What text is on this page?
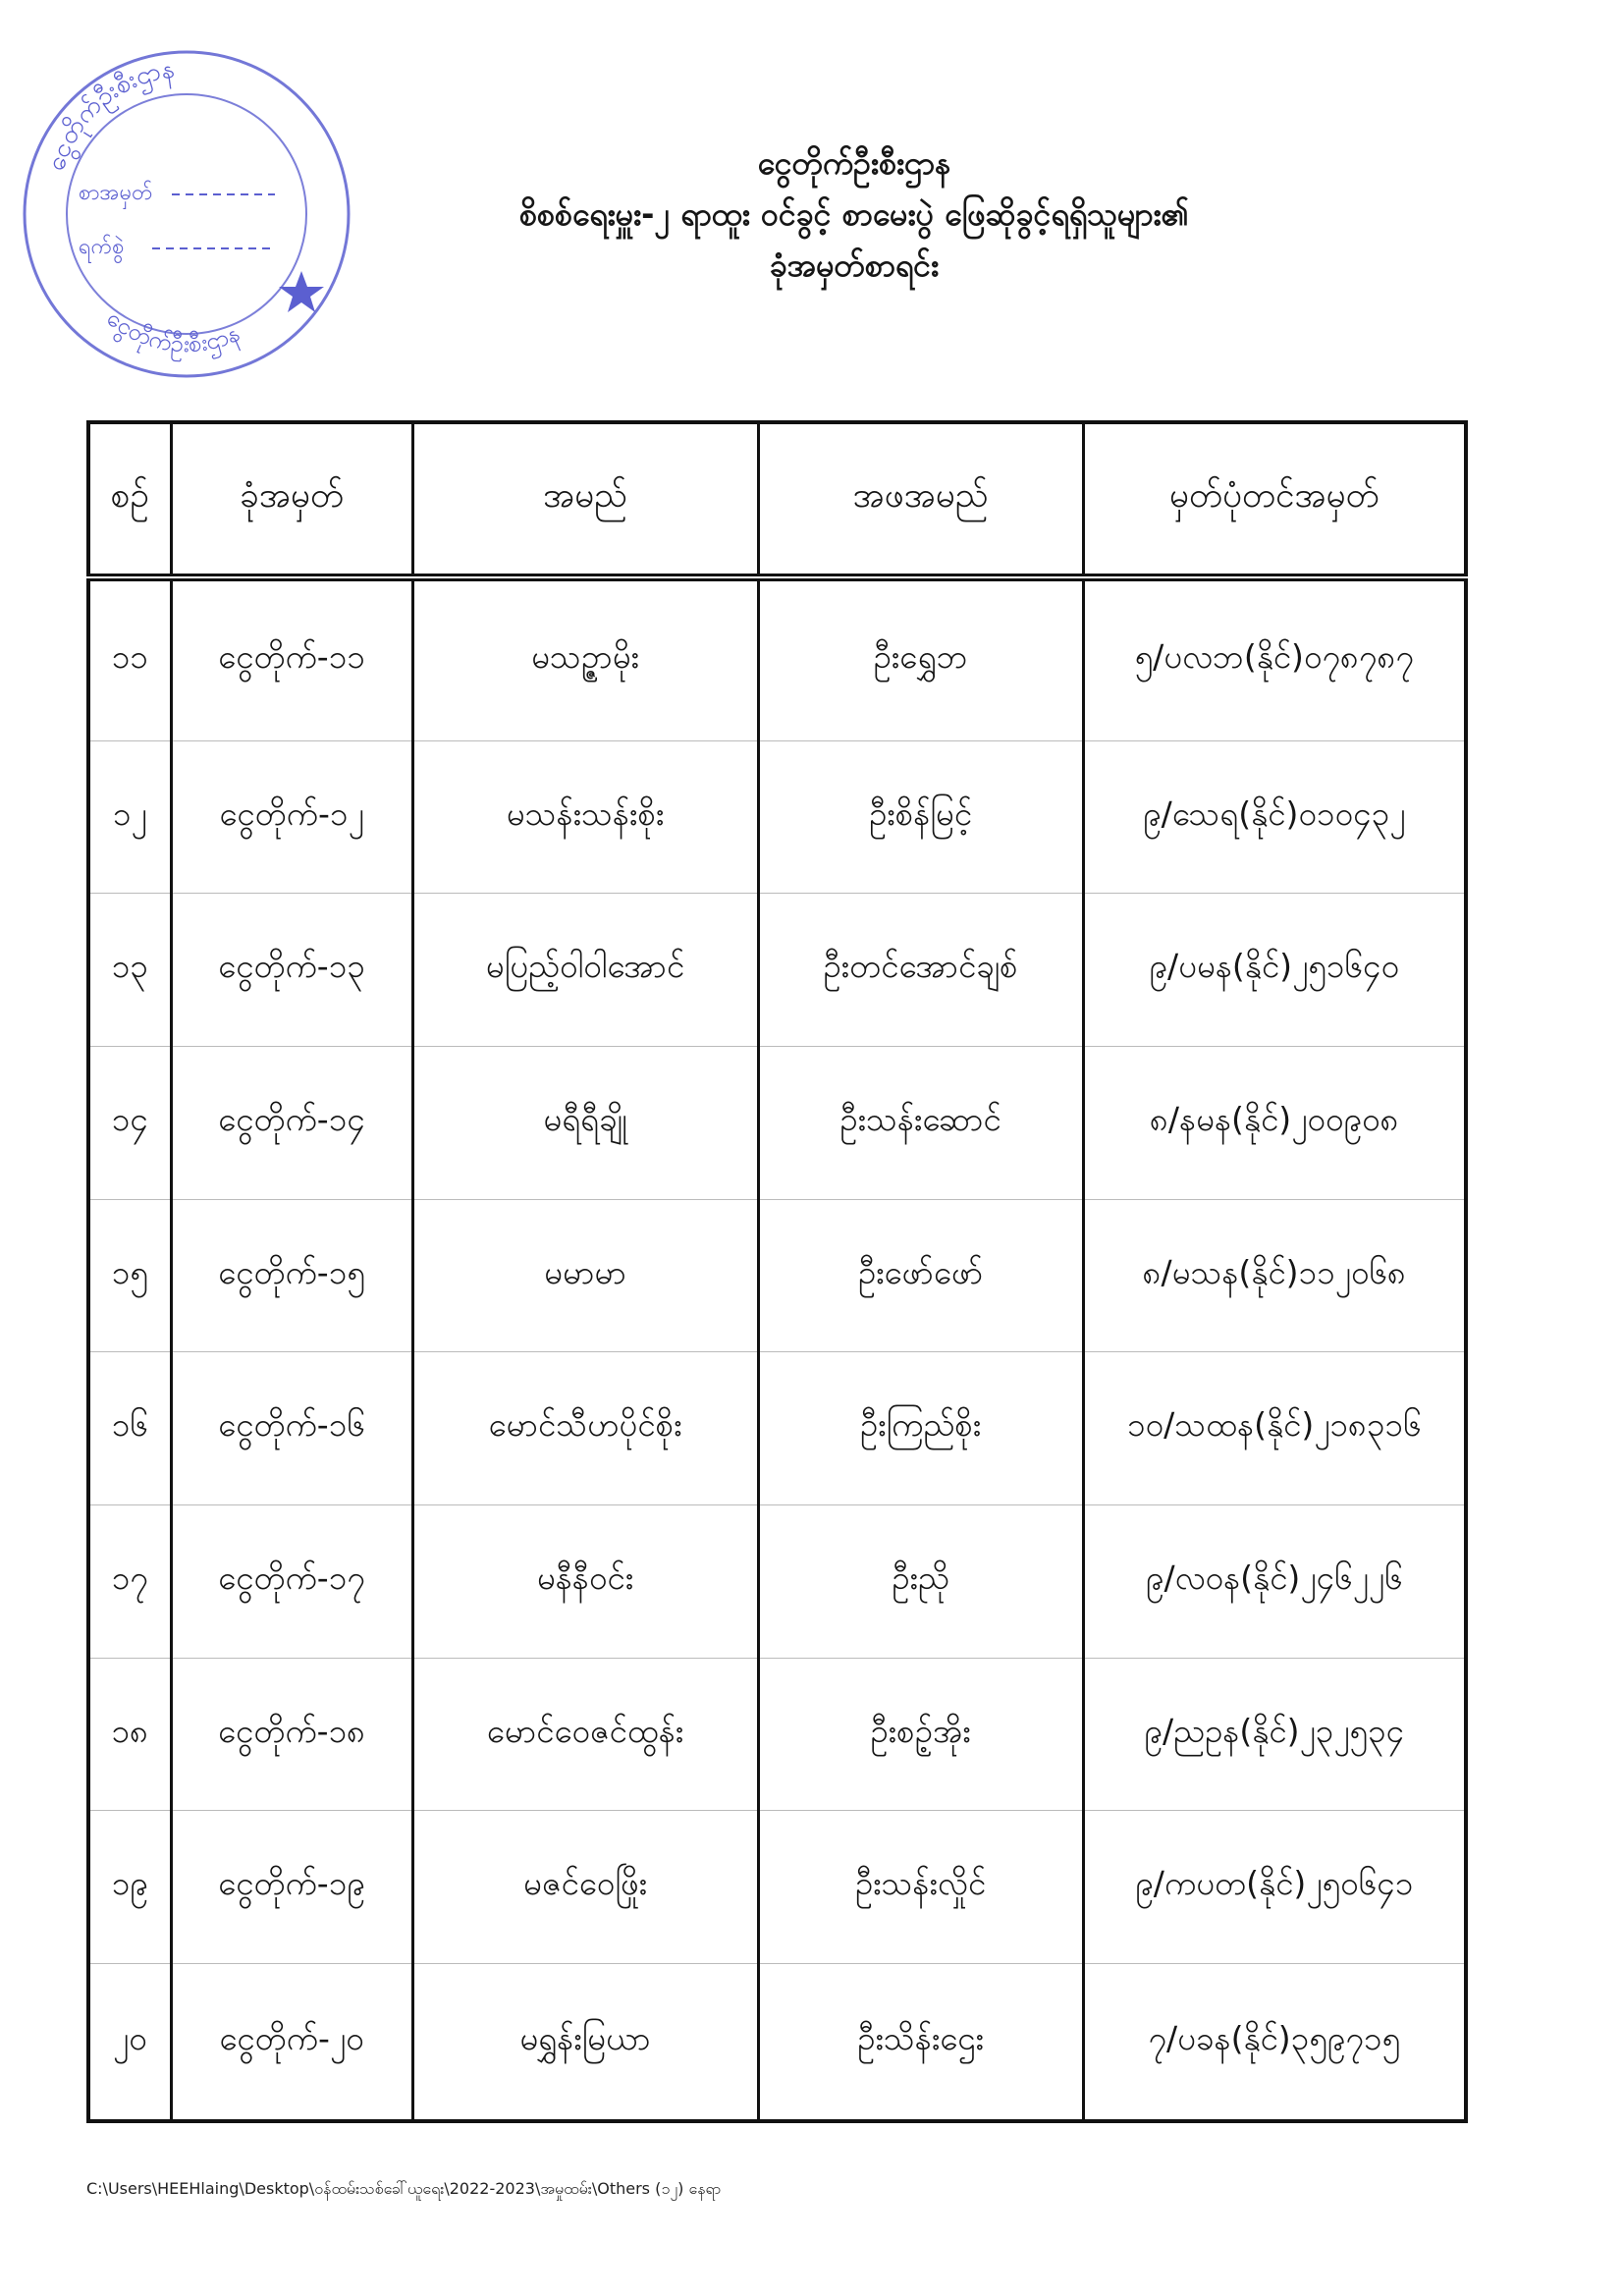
ငွေတိုက်ဦးစီးဌာန
ငွေတိုက်ဦးစီးဌာန
စာအမှတ်
ရက်စွဲ
ငွေတိုက်ဦးစီးဌာန
စိစစ်ရေးမှူး-၂ ရာထူး ဝင်ခွင့် စာမေးပွဲ ဖြေဆိုခွင့်ရရှိသူများ၏
ခုံအမှတ်စာရင်း
စဉ်	ခုံအမှတ်	အမည်	အဖအမည်	မှတ်ပုံတင်အမှတ်
၁၁	ငွေတိုက်-၁၁	မသဉ္ဇာမိုး	ဦးရွှေဘ	၅/ပလဘ(နိုင်)၀၇၈၇၈၇
၁၂	ငွေတိုက်-၁၂	မသန်းသန်းစိုး	ဦးစိန်မြင့်	၉/သေရ(နိုင်)၀၁၀၄၃၂
၁၃	ငွေတိုက်-၁၃	မပြည့်ဝါဝါအောင်	ဦးတင်အောင်ချစ်	၉/ပမန(နိုင်)၂၅၁၆၄၀
၁၄	ငွေတိုက်-၁၄	မရီရီချို	ဦးသန်းဆောင်	၈/နမန(နိုင်)၂၀၀၉၀၈
၁၅	ငွေတိုက်-၁၅	မမာမာ	ဦးဖော်ဖော်	၈/မသန(နိုင်)၁၁၂၀၆၈
၁၆	ငွေတိုက်-၁၆	မောင်သီဟပိုင်စိုး	ဦးကြည်စိုး	၁၀/သထန(နိုင်)၂၁၈၃၁၆
၁၇	ငွေတိုက်-၁၇	မနီနီဝင်း	ဦးညို	၉/လဝန(နိုင်)၂၄၆၂၂၆
၁၈	ငွေတိုက်-၁၈	မောင်ဝေဇင်ထွန်း	ဦးစဥ့်အိုး	၉/ညဥန(နိုင်)၂၃၂၅၃၄
၁၉	ငွေတိုက်-၁၉	မဇင်ဝေဖြိုး	ဦးသန်းလှိုင်	၉/ကပတ(နိုင်)၂၅၀၆၄၁
၂၀	ငွေတိုက်-၂၀	မရွှန်းမြယာ	ဦးသိန်းဌေး	၇/ပခန(နိုင်)၃၅၉၇၁၅
C:\Users\HEEHlaing\Desktop\ဝန်ထမ်းသစ်ခေါ်ယူရေး\2022-2023\အမှုထမ်း\Others (၁၂) နေရာ
